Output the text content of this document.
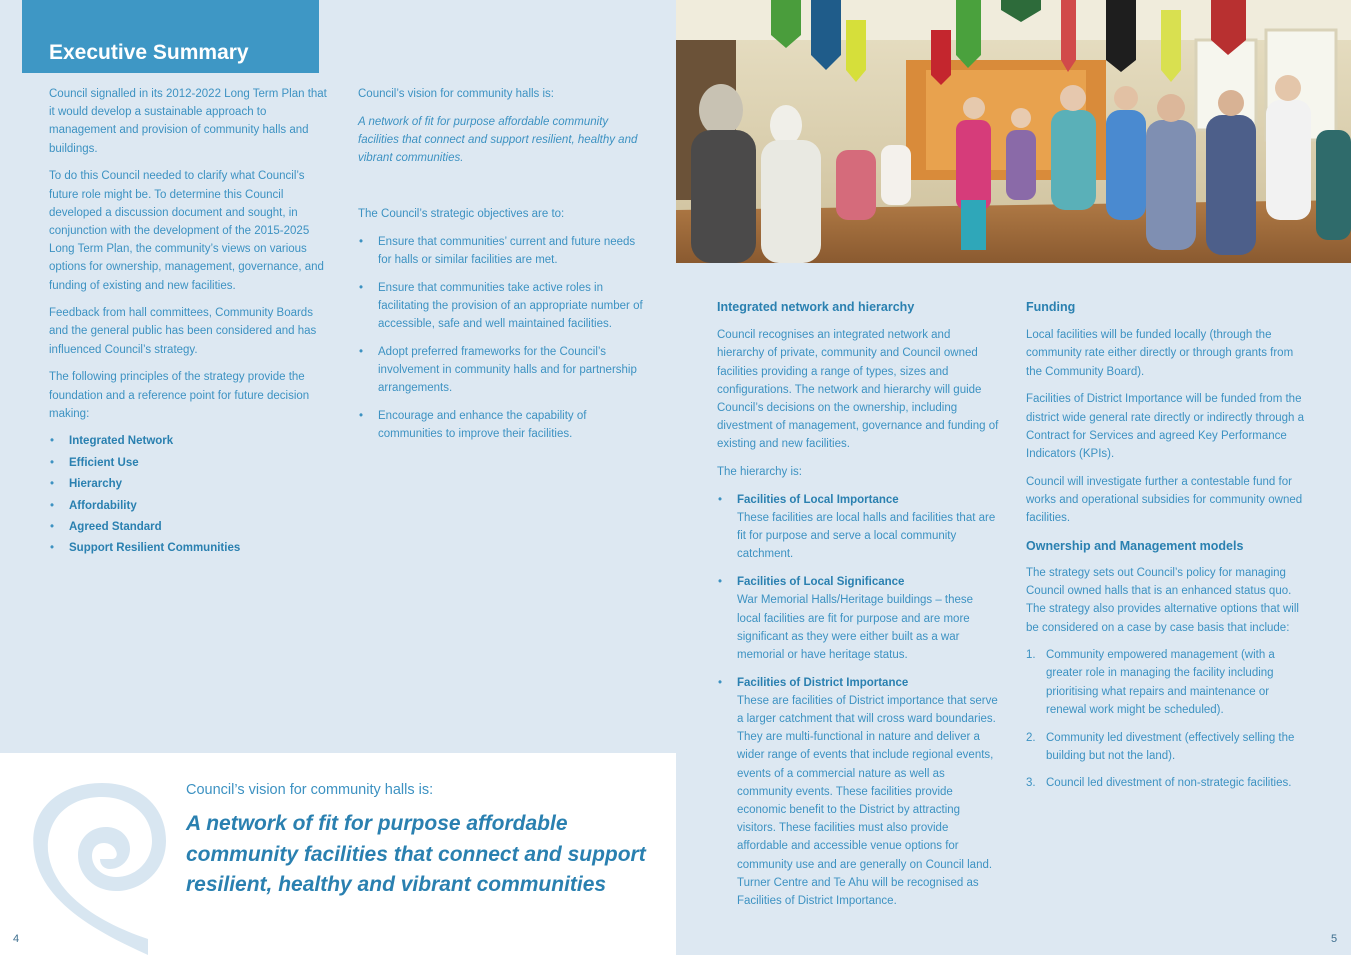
Executive Summary

Council signalled in its 2012-2022 Long Term Plan that it would develop a sustainable approach to management and provision of community halls and buildings.

To do this Council needed to clarify what Council’s future role might be. To determine this Council developed a discussion document and sought, in conjunction with the development of the 2015-2025 Long Term Plan, the community’s views on various options for ownership, management, governance, and funding of existing and new facilities.

Feedback from hall committees, Community Boards and the general public has been considered and has influenced Council’s strategy.

The following principles of the strategy provide the foundation and a reference point for future decision making:

• Integrated Network
• Efficient Use
• Hierarchy
• Affordability
• Agreed Standard
• Support Resilient Communities

Council’s vision for community halls is:

A network of fit for purpose affordable community facilities that connect and support resilient, healthy and vibrant communities.

The Council’s strategic objectives are to:

• Ensure that communities’ current and future needs for halls or similar facilities are met.
• Ensure that communities take active roles in facilitating the provision of an appropriate number of accessible, safe and well maintained facilities.
• Adopt preferred frameworks for the Council’s involvement in community halls and for partnership arrangements.
• Encourage and enhance the capability of communities to improve their facilities.
Council’s vision for community halls is:
A network of fit for purpose affordable community facilities that connect and support resilient, healthy and vibrant communities
4
Integrated network and hierarchy

Council recognises an integrated network and hierarchy of private, community and Council owned facilities providing a range of types, sizes and configurations. The network and hierarchy will guide Council’s decisions on the ownership, including divestment of management, governance and funding of existing and new facilities.

The hierarchy is:

• Facilities of Local Importance
These facilities are local halls and facilities that are fit for purpose and serve a local community catchment.
• Facilities of Local Significance
War Memorial Halls/Heritage buildings – these local facilities are fit for purpose and are more significant as they were either built as a war memorial or have heritage status.
• Facilities of District Importance
These are facilities of District importance that serve a larger catchment that will cross ward boundaries. They are multi-functional in nature and deliver a wider range of events that include regional events, events of a commercial nature as well as community events. These facilities provide economic benefit to the District by attracting visitors. These facilities must also provide affordable and accessible venue options for community use and are generally on Council land. Turner Centre and Te Ahu will be recognised as Facilities of District Importance.
Funding

Local facilities will be funded locally (through the community rate either directly or through grants from the Community Board).

Facilities of District Importance will be funded from the district wide general rate directly or indirectly through a Contract for Services and agreed Key Performance Indicators (KPIs).

Council will investigate further a contestable fund for works and operational subsidies for community owned facilities.

Ownership and Management models

The strategy sets out Council’s policy for managing Council owned halls that is an enhanced status quo. The strategy also provides alternative options that will be considered on a case by case basis that include:

1. Community empowered management (with a greater role in managing the facility including prioritising what repairs and maintenance or renewal work might be scheduled).
2. Community led divestment (effectively selling the building but not the land).
3. Council led divestment of non-strategic facilities.
5
